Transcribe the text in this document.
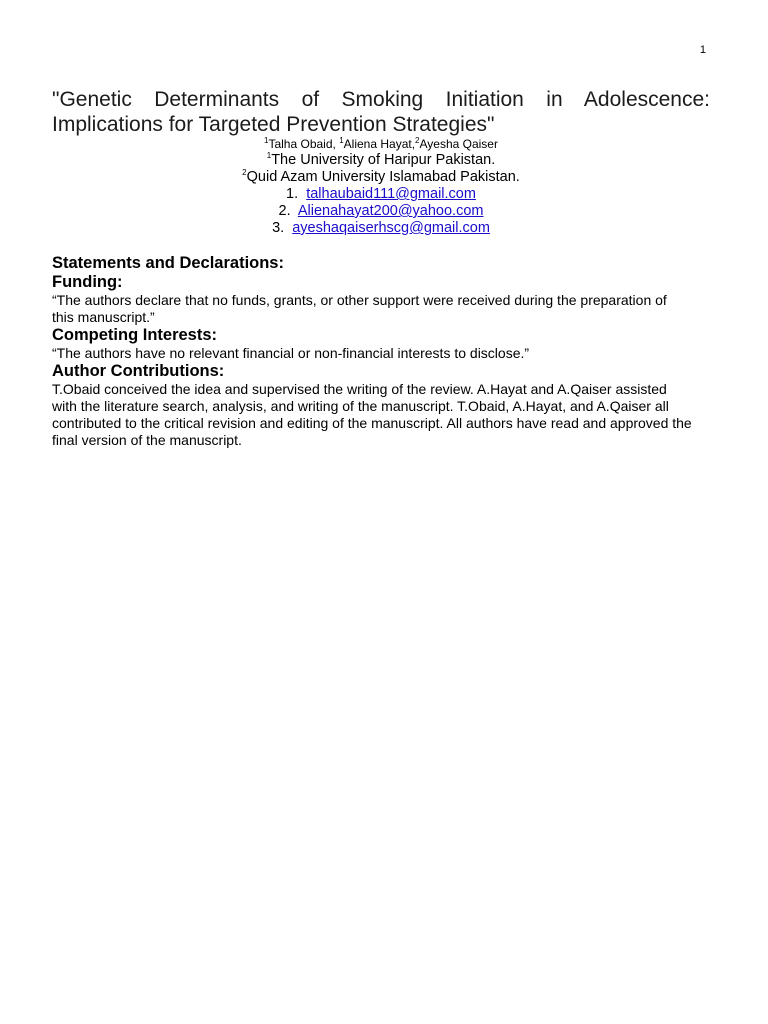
1
"Genetic Determinants of Smoking Initiation in Adolescence: Implications for Targeted Prevention Strategies"
$^1$Talha Obaid, $^1$Aliena Hayat,$^2$Ayesha Qaiser
$^1$The University of Haripur Pakistan.
$^2$Quid Azam University Islamabad Pakistan.
1. talhaubaid111@gmail.com
2. Alienahayat200@yahoo.com
3. ayeshaqaiserhscg@gmail.com
Statements and Declarations:
Funding:

“The authors declare that no funds, grants, or other support were received during the preparation of this manuscript.”

Competing Interests:

“The authors have no relevant financial or non-financial interests to disclose.”

Author Contributions:

T.Obaid conceived the idea and supervised the writing of the review. A.Hayat and A.Qaiser assisted with the literature search, analysis, and writing of the manuscript. T.Obaid, A.Hayat, and A.Qaiser all contributed to the critical revision and editing of the manuscript. All authors have read and approved the final version of the manuscript.
